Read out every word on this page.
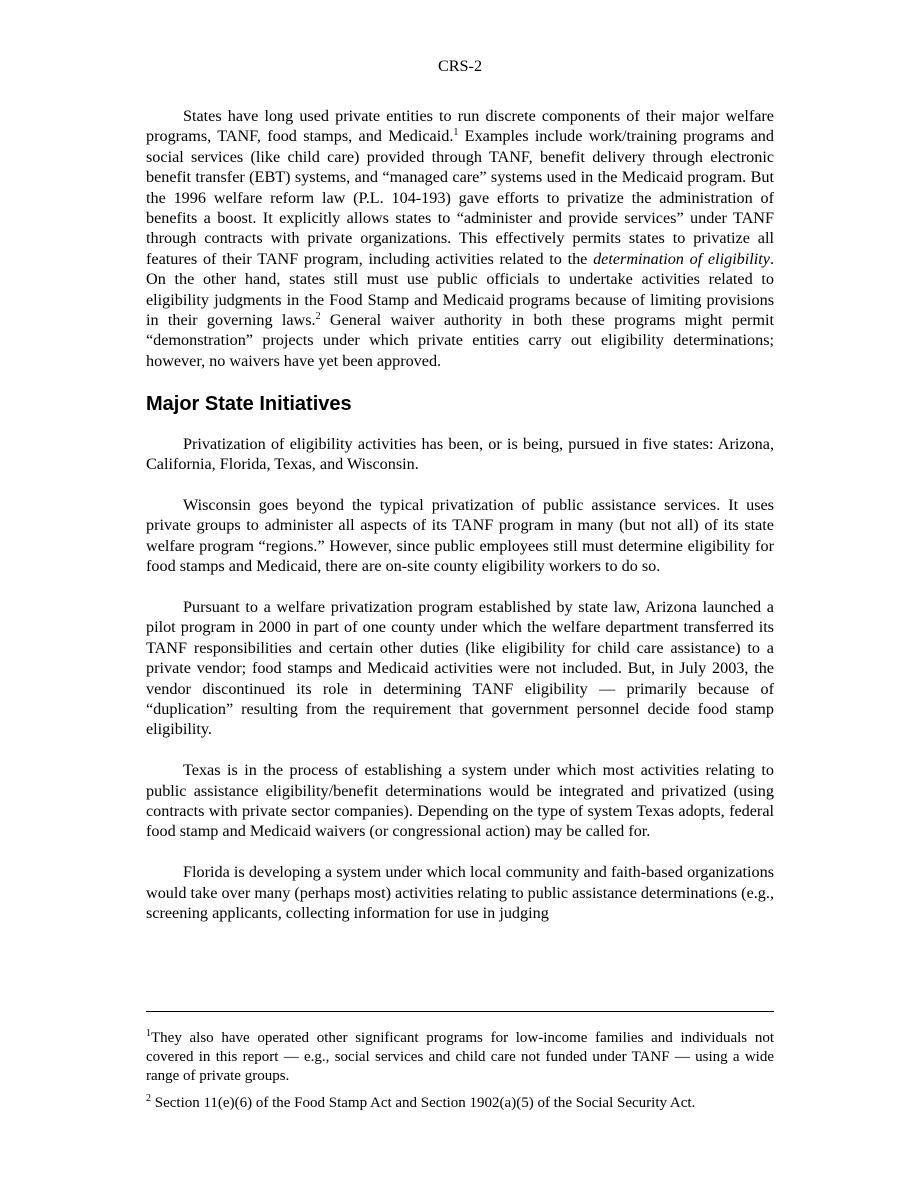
CRS-2

States have long used private entities to run discrete components of their major welfare programs, TANF, food stamps, and Medicaid.$^1$ Examples include work/training programs and social services (like child care) provided through TANF, benefit delivery through electronic benefit transfer (EBT) systems, and “managed care” systems used in the Medicaid program. But the 1996 welfare reform law (P.L. 104-193) gave efforts to privatize the administration of benefits a boost. It explicitly allows states to “administer and provide services” under TANF through contracts with private organizations. This effectively permits states to privatize all features of their TANF program, including activities related to the determination of eligibility. On the other hand, states still must use public officials to undertake activities related to eligibility judgments in the Food Stamp and Medicaid programs because of limiting provisions in their governing laws.$^2$ General waiver authority in both these programs might permit “demonstration” projects under which private entities carry out eligibility determinations; however, no waivers have yet been approved.

Major State Initiatives

Privatization of eligibility activities has been, or is being, pursued in five states: Arizona, California, Florida, Texas, and Wisconsin.

Wisconsin goes beyond the typical privatization of public assistance services. It uses private groups to administer all aspects of its TANF program in many (but not all) of its state welfare program “regions.” However, since public employees still must determine eligibility for food stamps and Medicaid, there are on-site county eligibility workers to do so.

Pursuant to a welfare privatization program established by state law, Arizona launched a pilot program in 2000 in part of one county under which the welfare department transferred its TANF responsibilities and certain other duties (like eligibility for child care assistance) to a private vendor; food stamps and Medicaid activities were not included. But, in July 2003, the vendor discontinued its role in determining TANF eligibility — primarily because of “duplication” resulting from the requirement that government personnel decide food stamp eligibility.

Texas is in the process of establishing a system under which most activities relating to public assistance eligibility/benefit determinations would be integrated and privatized (using contracts with private sector companies). Depending on the type of system Texas adopts, federal food stamp and Medicaid waivers (or congressional action) may be called for.

Florida is developing a system under which local community and faith-based organizations would take over many (perhaps most) activities relating to public assistance determinations (e.g., screening applicants, collecting information for use in judging

$^1$They also have operated other significant programs for low-income families and individuals not covered in this report — e.g., social services and child care not funded under TANF — using a wide range of private groups.

$^2$ Section 11(e)(6) of the Food Stamp Act and Section 1902(a)(5) of the Social Security Act.
